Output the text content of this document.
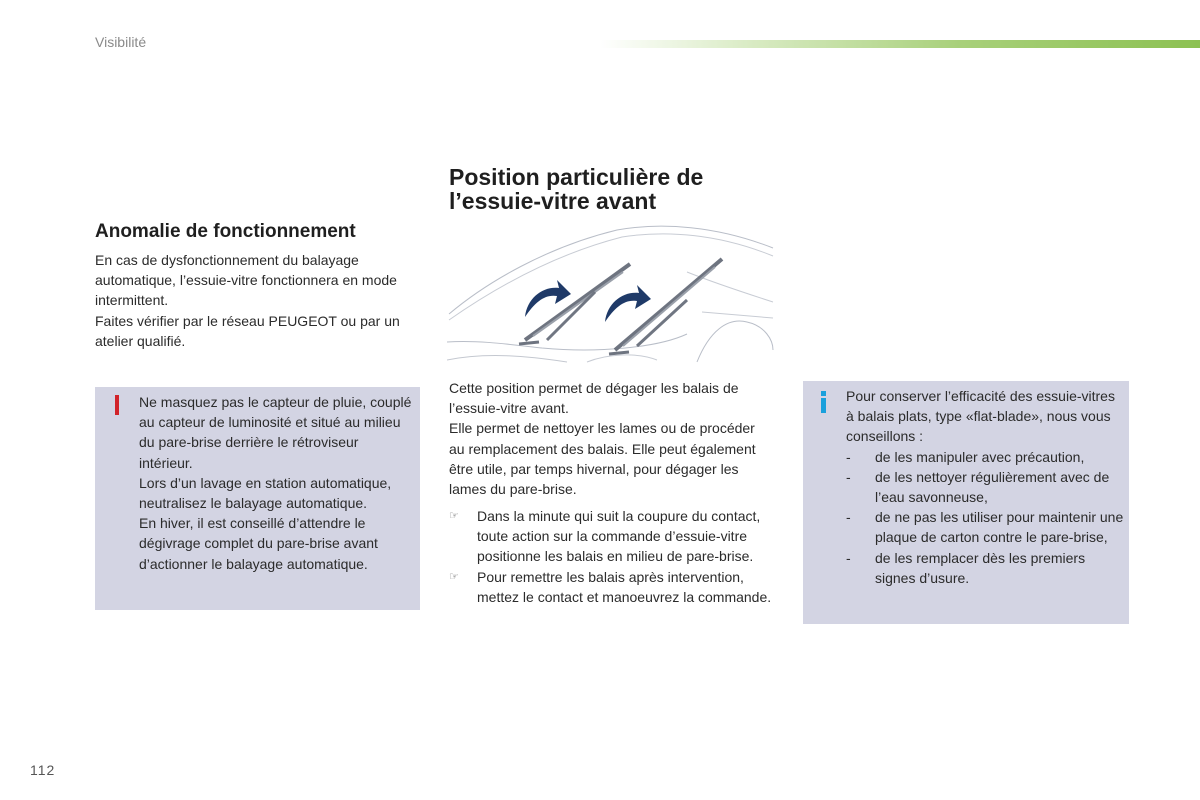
Visibilité
Anomalie de fonctionnement

En cas de dysfonctionnement du balayage automatique, l’essuie-vitre fonctionnera en mode intermittent.

Faites vérifier par le réseau PEUGEOT ou par un atelier qualifié.

Ne masquez pas le capteur de pluie, couplé au capteur de luminosité et situé au milieu du pare-brise derrière le rétroviseur intérieur.

Lors d’un lavage en station automatique, neutralisez le balayage automatique.

En hiver, il est conseillé d’attendre le dégivrage complet du pare-brise avant d’actionner le balayage automatique.

Position particulière de
l’essuie-vitre avant

Cette position permet de dégager les balais de l’essuie-vitre avant.

Elle permet de nettoyer les lames ou de procéder au remplacement des balais. Elle peut également être utile, par temps hivernal, pour dégager les lames du pare-brise.

☞ Dans la minute qui suit la coupure du contact, toute action sur la commande d’essuie-vitre positionne les balais en milieu de pare-brise.
☞ Pour remettre les balais après intervention, mettez le contact et manoeuvrez la commande.

Pour conserver l’efficacité des essuie-vitres à balais plats, type «flat-blade», nous vous conseillons :

- de les manipuler avec précaution,
- de les nettoyer régulièrement avec de l’eau savonneuse,
- de ne pas les utiliser pour maintenir une plaque de carton contre le pare-brise,
- de les remplacer dès les premiers signes d’usure.
112
